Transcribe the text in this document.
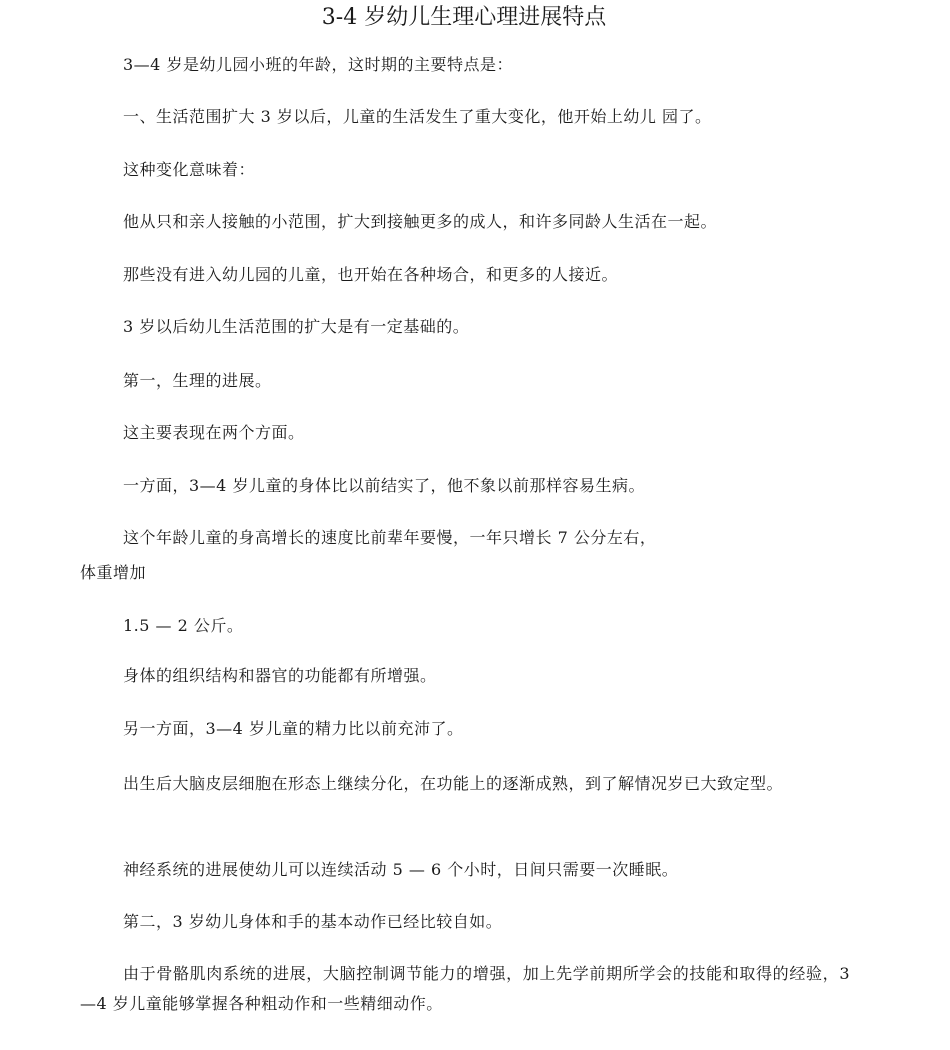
3-4 岁幼儿生理心理进展特点

3—4 岁是幼儿园小班的年龄，这时期的主要特点是：

一、生活范围扩大 3 岁以后，儿童的生活发生了重大变化，他开始上幼儿 园了。

这种变化意味着：

他从只和亲人接触的小范围，扩大到接触更多的成人，和许多同龄人生活在一起。

那些没有进入幼儿园的儿童，也开始在各种场合，和更多的人接近。

3 岁以后幼儿生活范围的扩大是有一定基础的。

第一，生理的进展。

这主要表现在两个方面。

一方面，3—4 岁儿童的身体比以前结实了，他不象以前那样容易生病。

这个年龄儿童的身高增长的速度比前辈年要慢，一年只增长 7 公分左右，

体重增加

1.5 — 2 公斤。

身体的组织结构和器官的功能都有所增强。

另一方面，3—4 岁儿童的精力比以前充沛了。

出生后大脑皮层细胞在形态上继续分化，在功能上的逐渐成熟，到了解情况岁已大致定型。

神经系统的进展使幼儿可以连续活动 5 — 6 个小时，日间只需要一次睡眠。

第二，3 岁幼儿身体和手的基本动作已经比较自如。

由于骨骼肌肉系统的进展，大脑控制调节能力的增强，加上先学前期所学会的技能和取得的经验，3—4 岁儿童能够掌握各种粗动作和一些精细动作。
